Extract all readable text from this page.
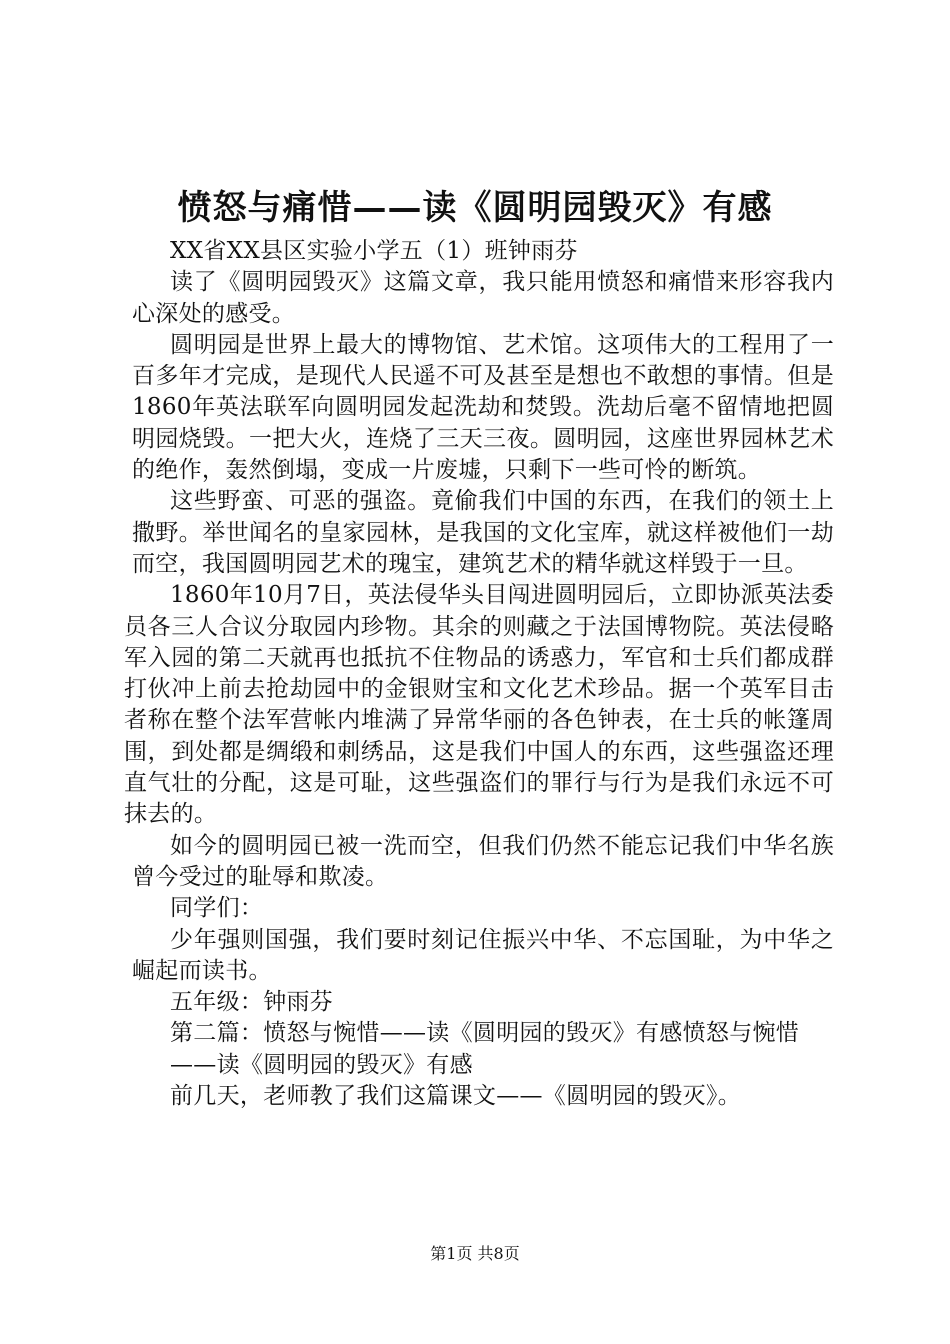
愤怒与痛惜——读《圆明园毁灭》有感

XX省XX县区实验小学五（1）班钟雨芬

读了《圆明园毁灭》这篇文章，我只能用愤怒和痛惜来形容我内心深处的感受。

圆明园是世界上最大的博物馆、艺术馆。这项伟大的工程用了一百多年才完成，是现代人民遥不可及甚至是想也不敢想的事情。但是1860年英法联军向圆明园发起洗劫和焚毁。洗劫后毫不留情地把圆明园烧毁。一把大火，连烧了三天三夜。圆明园，这座世界园林艺术的绝作，轰然倒塌，变成一片废墟，只剩下一些可怜的断筑。

这些野蛮、可恶的强盗。竟偷我们中国的东西，在我们的领土上撒野。举世闻名的皇家园林，是我国的文化宝库，就这样被他们一劫而空，我国圆明园艺术的瑰宝，建筑艺术的精华就这样毁于一旦。

1860年10月7日，英法侵华头目闯进圆明园后，立即协派英法委员各三人合议分取园内珍物。其余的则藏之于法国博物院。英法侵略军入园的第二天就再也抵抗不住物品的诱惑力，军官和士兵们都成群打伙冲上前去抢劫园中的金银财宝和文化艺术珍品。据一个英军目击者称在整个法军营帐内堆满了异常华丽的各色钟表，在士兵的帐篷周围，到处都是绸缎和刺绣品，这是我们中国人的东西，这些强盗还理直气壮的分配，这是可耻，这些强盗们的罪行与行为是我们永远不可抹去的。

如今的圆明园已被一洗而空，但我们仍然不能忘记我们中华名族曾今受过的耻辱和欺凌。

同学们：

少年强则国强，我们要时刻记住振兴中华、不忘国耻，为中华之崛起而读书。

五年级：钟雨芬

第二篇：愤怒与惋惜——读《圆明园的毁灭》有感愤怒与惋惜

——读《圆明园的毁灭》有感

前几天，老师教了我们这篇课文——《圆明园的毁灭》。

第1页 共8页
